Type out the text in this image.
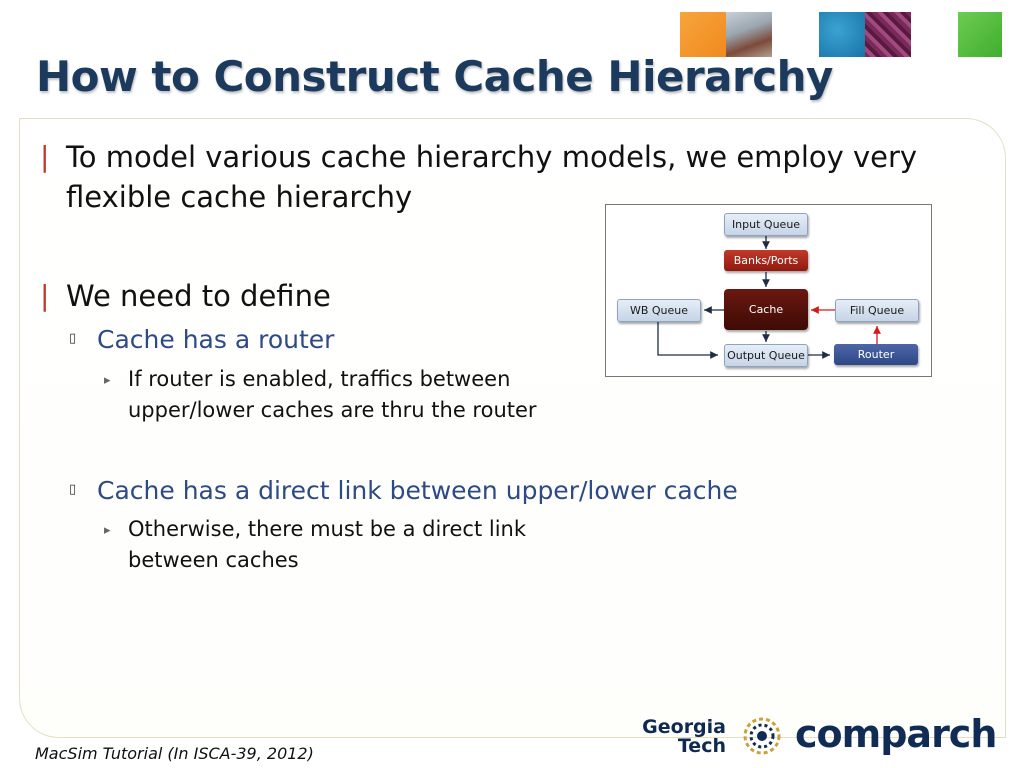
How to Construct Cache Hierarchy
| To model various cache hierarchy models, we employ very
flexible cache hierarchy
| We need to define
▯ Cache has a router
▸ If router is enabled, traffics between
upper/lower caches are thru the router
▯ Cache has a direct link between upper/lower cache
▸ Otherwise, there must be a direct link
between caches
Input Queue
Banks/Ports
Cache
WB Queue	Fill Queue
Output Queue	Router
MacSim Tutorial (In ISCA-39, 2012)
Georgia
Tech comparch
